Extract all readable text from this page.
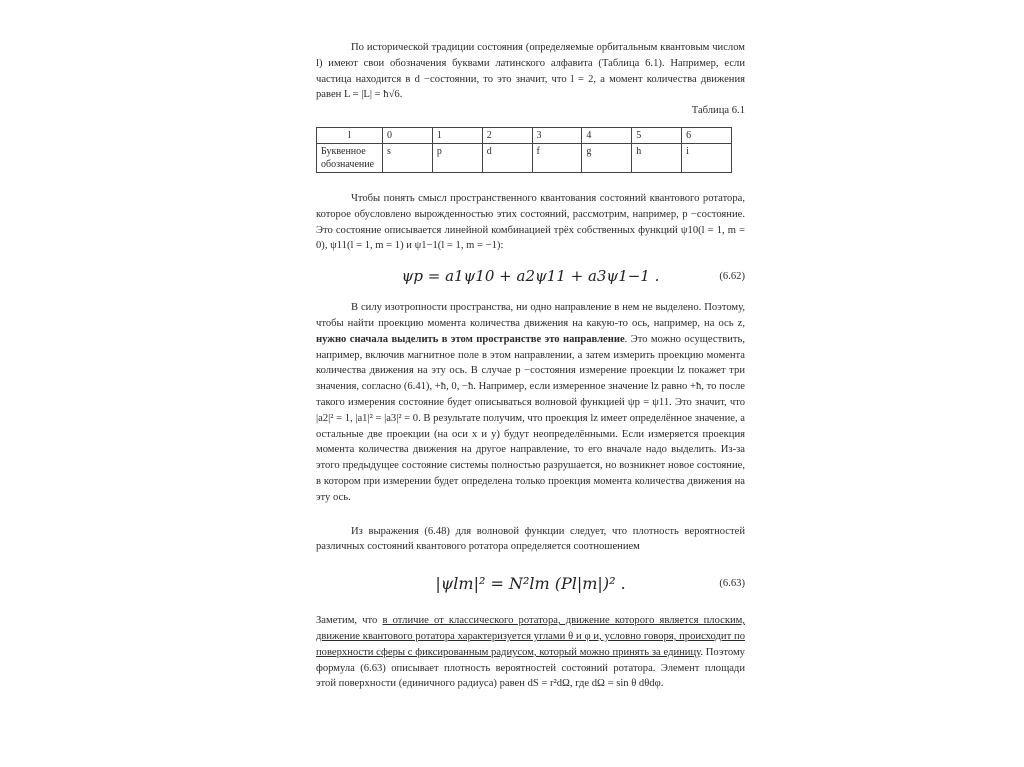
По исторической традиции состояния (определяемые орбитальным квантовым числом l) имеют свои обозначения буквами латинского алфавита (Таблица 6.1). Например, если частица находится в d −состоянии, то это значит, что l = 2, а момент количества движения равен L = |L| = ħ√6.

Таблица 6.1

l	0	1	2	3	4	5	6
Буквенное обозначение	s	p	d	f	g	h	i

Чтобы понять смысл пространственного квантования состояний квантового ротатора, которое обусловлено вырожденностью этих состояний, рассмотрим, например, p −состояние. Это состояние описывается линейной комбинацией трёх собственных функций ψ10(l = 1, m = 0), ψ11(l = 1, m = 1) и ψ1−1(l = 1, m = −1):

ψp = a1ψ10 + a2ψ11 + a3ψ1−1 .	(6.62)

В силу изотропности пространства, ни одно направление в нем не выделено. Поэтому, чтобы найти проекцию момента количества движения на какую-то ось, например, на ось z, нужно сначала выделить в этом пространстве это направление. Это можно осуществить, например, включив магнитное поле в этом направлении, а затем измерить проекцию момента количества движения на эту ось. В случае p −состояния измерение проекции lz покажет три значения, согласно (6.41), +ħ, 0, −ħ. Например, если измеренное значение lz равно +ħ, то после такого измерения состояние будет описываться волновой функцией ψp = ψ11. Это значит, что |a2|² = 1, |a1|² = |a3|² = 0. В результате получим, что проекция lz имеет определённое значение, а остальные две проекции (на оси x и y) будут неопределёнными. Если измеряется проекция момента количества движения на другое направление, то его вначале надо выделить. Из-за этого предыдущее состояние системы полностью разрушается, но возникнет новое состояние, в котором при измерении будет определена только проекция момента количества движения на эту ось.

Из выражения (6.48) для волновой функции следует, что плотность вероятностей различных состояний квантового ротатора определяется соотношением

|ψlm|² = N²lm (Pl|m|)² .	(6.63)

Заметим, что в отличие от классического ротатора, движение которого является плоским, движение квантового ротатора характеризуется углами θ и φ и, условно говоря, происходит по поверхности сферы с фиксированным радиусом, который можно принять за единицу. Поэтому формула (6.63) описывает плотность вероятностей состояний ротатора. Элемент площади этой поверхности (единичного радиуса) равен dS = r²dΩ, где dΩ = sin θ dθdφ.
